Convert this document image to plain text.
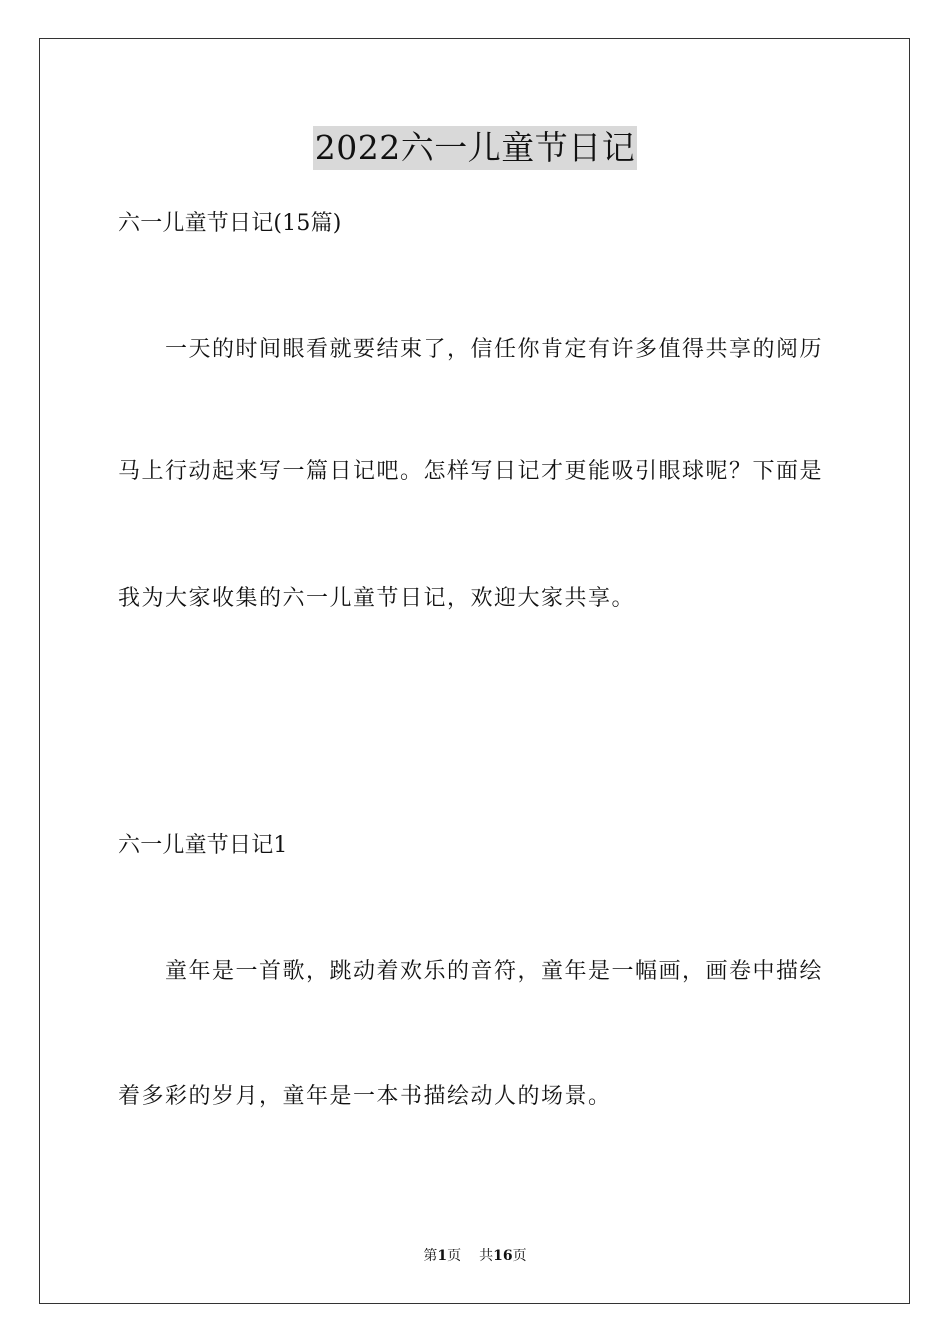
2022六一儿童节日记
六一儿童节日记(15篇)
一天的时间眼看就要结束了，信任你肯定有许多值得共享的阅历
马上行动起来写一篇日记吧。怎样写日记才更能吸引眼球呢？下面是
我为大家收集的六一儿童节日记，欢迎大家共享。
六一儿童节日记1
童年是一首歌，跳动着欢乐的音符，童年是一幅画，画卷中描绘
着多彩的岁月，童年是一本书描绘动人的场景。
第1页 共16页
